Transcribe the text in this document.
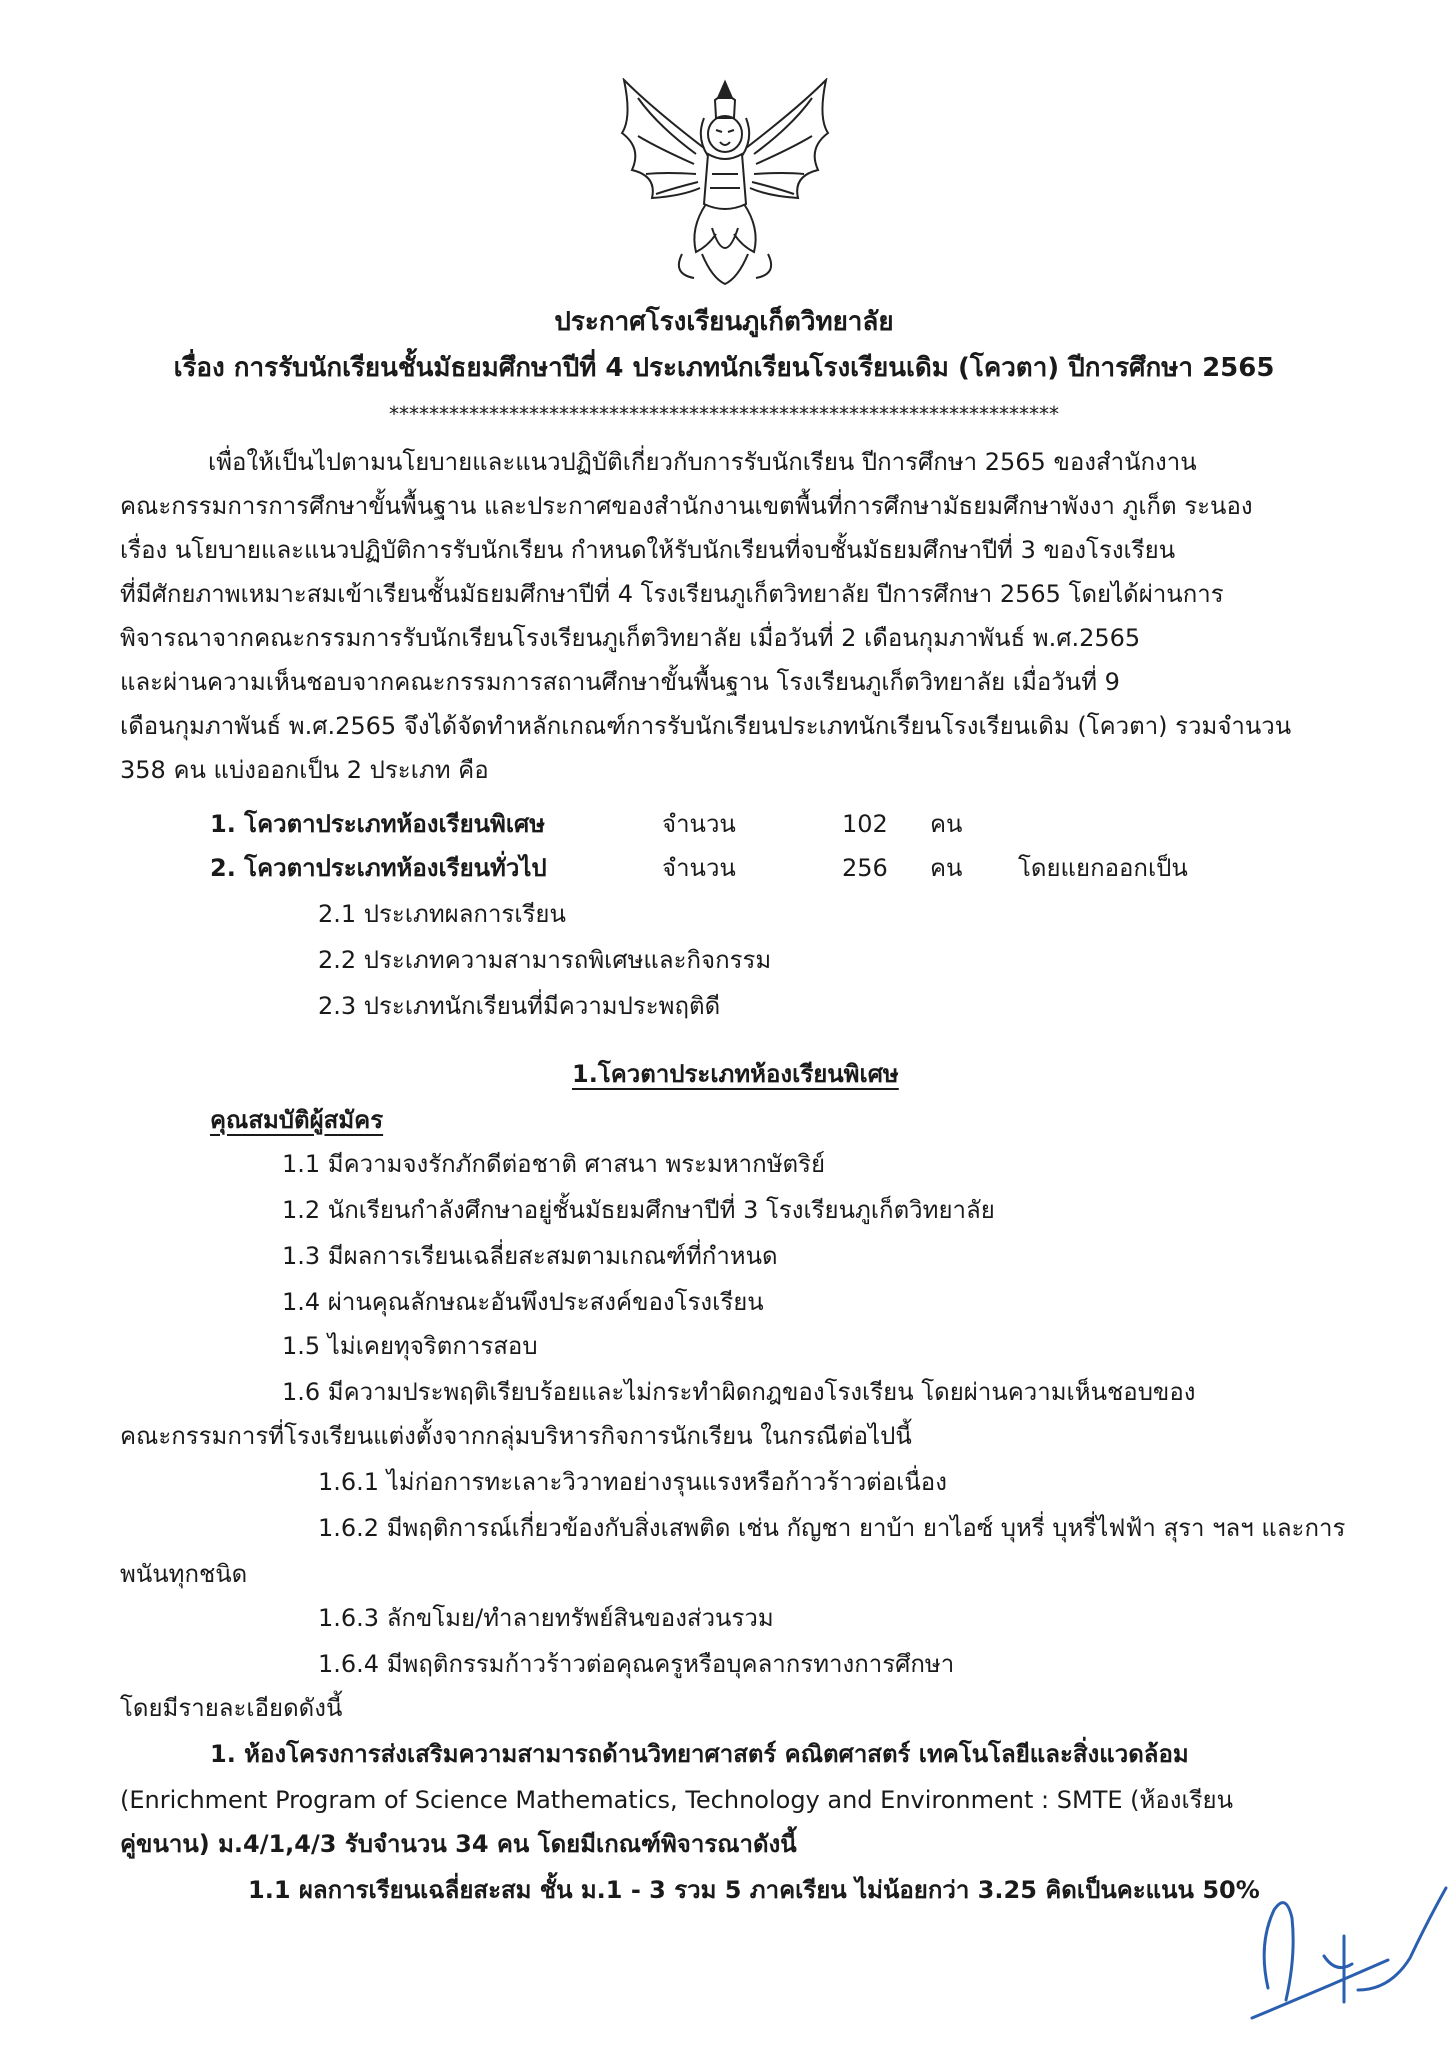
ประกาศโรงเรียนภูเก็ตวิทยาลัย
เรื่อง การรับนักเรียนชั้นมัธยมศึกษาปีที่ 4 ประเภทนักเรียนโรงเรียนเดิม (โควตา) ปีการศึกษา 2565
*******************************************************************
เพื่อให้เป็นไปตามนโยบายและแนวปฏิบัติเกี่ยวกับการรับนักเรียน ปีการศึกษา 2565 ของสำนักงาน
คณะกรรมการการศึกษาขั้นพื้นฐาน และประกาศของสำนักงานเขตพื้นที่การศึกษามัธยมศึกษาพังงา ภูเก็ต ระนอง
เรื่อง นโยบายและแนวปฏิบัติการรับนักเรียน กำหนดให้รับนักเรียนที่จบชั้นมัธยมศึกษาปีที่ 3 ของโรงเรียน
ที่มีศักยภาพเหมาะสมเข้าเรียนชั้นมัธยมศึกษาปีที่ 4 โรงเรียนภูเก็ตวิทยาลัย ปีการศึกษา 2565 โดยได้ผ่านการ
พิจารณาจากคณะกรรมการรับนักเรียนโรงเรียนภูเก็ตวิทยาลัย เมื่อวันที่ 2 เดือนกุมภาพันธ์ พ.ศ.2565
และผ่านความเห็นชอบจากคณะกรรมการสถานศึกษาขั้นพื้นฐาน โรงเรียนภูเก็ตวิทยาลัย เมื่อวันที่ 9
เดือนกุมภาพันธ์ พ.ศ.2565 จึงได้จัดทำหลักเกณฑ์การรับนักเรียนประเภทนักเรียนโรงเรียนเดิม (โควตา) รวมจำนวน
358 คน แบ่งออกเป็น 2 ประเภท คือ
1. โควตาประเภทห้องเรียนพิเศษ	จำนวน	102 คน
2. โควตาประเภทห้องเรียนทั่วไป	จำนวน	256 คน โดยแยกออกเป็น
2.1 ประเภทผลการเรียน
2.2 ประเภทความสามารถพิเศษและกิจกรรม
2.3 ประเภทนักเรียนที่มีความประพฤติดี
1.โควตาประเภทห้องเรียนพิเศษ
คุณสมบัติผู้สมัคร
1.1 มีความจงรักภักดีต่อชาติ ศาสนา พระมหากษัตริย์
1.2 นักเรียนกำลังศึกษาอยู่ชั้นมัธยมศึกษาปีที่ 3 โรงเรียนภูเก็ตวิทยาลัย
1.3 มีผลการเรียนเฉลี่ยสะสมตามเกณฑ์ที่กำหนด
1.4 ผ่านคุณลักษณะอันพึงประสงค์ของโรงเรียน
1.5 ไม่เคยทุจริตการสอบ
1.6 มีความประพฤติเรียบร้อยและไม่กระทำผิดกฎของโรงเรียน โดยผ่านความเห็นชอบของ
คณะกรรมการที่โรงเรียนแต่งตั้งจากกลุ่มบริหารกิจการนักเรียน ในกรณีต่อไปนี้
1.6.1 ไม่ก่อการทะเลาะวิวาทอย่างรุนแรงหรือก้าวร้าวต่อเนื่อง
1.6.2 มีพฤติการณ์เกี่ยวข้องกับสิ่งเสพติด เช่น กัญชา ยาบ้า ยาไอซ์ บุหรี่ บุหรี่ไฟฟ้า สุรา ฯลฯ และการ
พนันทุกชนิด
1.6.3 ลักขโมย/ทำลายทรัพย์สินของส่วนรวม
1.6.4 มีพฤติกรรมก้าวร้าวต่อคุณครูหรือบุคลากรทางการศึกษา
โดยมีรายละเอียดดังนี้
1. ห้องโครงการส่งเสริมความสามารถด้านวิทยาศาสตร์ คณิตศาสตร์ เทคโนโลยีและสิ่งแวดล้อม
(Enrichment Program of Science Mathematics, Technology and Environment : SMTE (ห้องเรียน
คู่ขนาน) ม.4/1,4/3 รับจำนวน 34 คน โดยมีเกณฑ์พิจารณาดังนี้
1.1 ผลการเรียนเฉลี่ยสะสม ชั้น ม.1 - 3 รวม 5 ภาคเรียน ไม่น้อยกว่า 3.25 คิดเป็นคะแนน 50%
